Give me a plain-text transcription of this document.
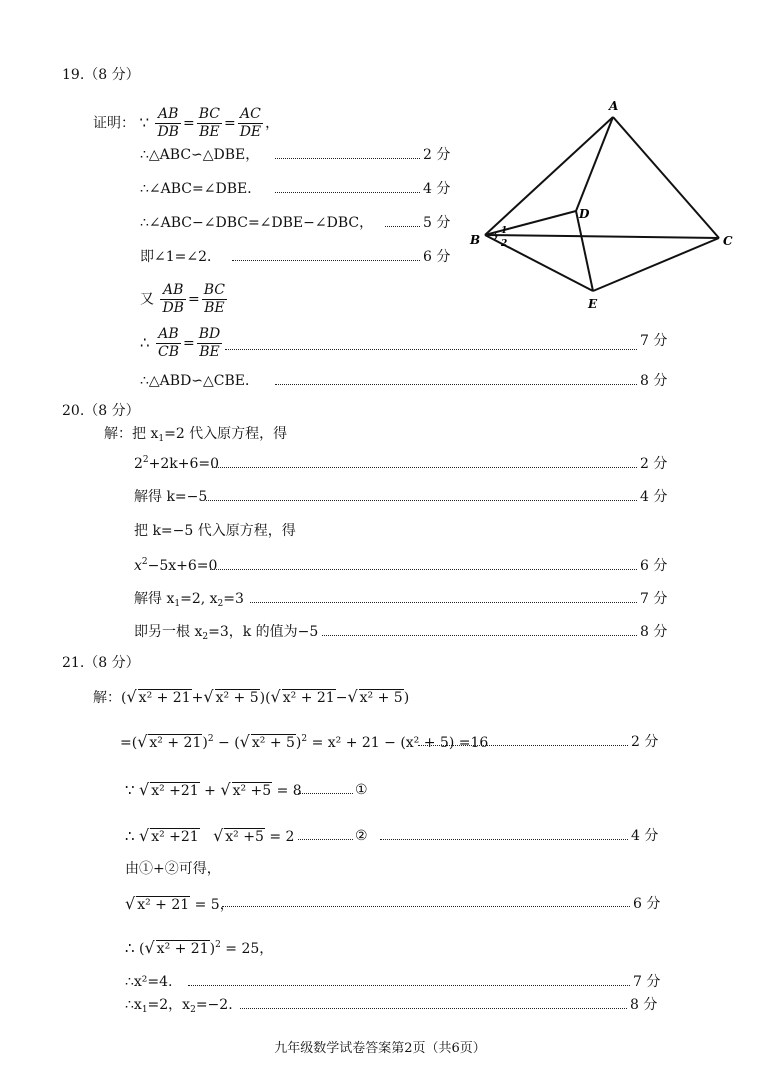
19.（8 分）
证明： ∵ $\frac{AB}{DB} = \frac{BC}{BE} = \frac{AC}{DE}$ ，
∴△ABC∽△DBE，	2 分
∴∠ABC=∠DBE．	4 分
∴∠ABC−∠DBC=∠DBE−∠DBC，	5 分
即∠1=∠2．	6 分
又 $\frac{AB}{DB} = \frac{BC}{BE}$
∴ $\frac{AB}{CB} = \frac{BD}{BE}$	7 分
∴△ABD∽△CBE．	8 分
A
B	C
D
E
1
2
20.（8 分）
解：把 $x_1=2$ 代入原方程，得
$2^2+2k+6=0$	2 分
解得 k=−5	4 分
把 k=−5 代入原方程，得
$x^2-5x+6=0$	6 分
解得 $x_1=2$, $x_2=3$	7 分
即另一根 $x_2=3$，k 的值为−5	8 分
21.（8 分）
解：(√ x² + 21+√ x² + 5)(√ x² + 21−√ x² + 5)
=(√ x² + 21)$^2$ − (√ x² + 5)$^2$ = x² + 21 − (x² + 5) =16	2 分
∵ √ x² +21 + √ x² +5 = 8	①
∴ √ x² +21 √ x² +5 = 2	②	4 分
由①+②可得，
√ x² + 21 = 5，	6 分
∴ (√ x² + 21)$^2$ = 25，
∴x²=4.	7 分
$\therefore x_1=2$，$x_2=-2$.	8 分
九年级数学试卷答案第2页（共6页）
